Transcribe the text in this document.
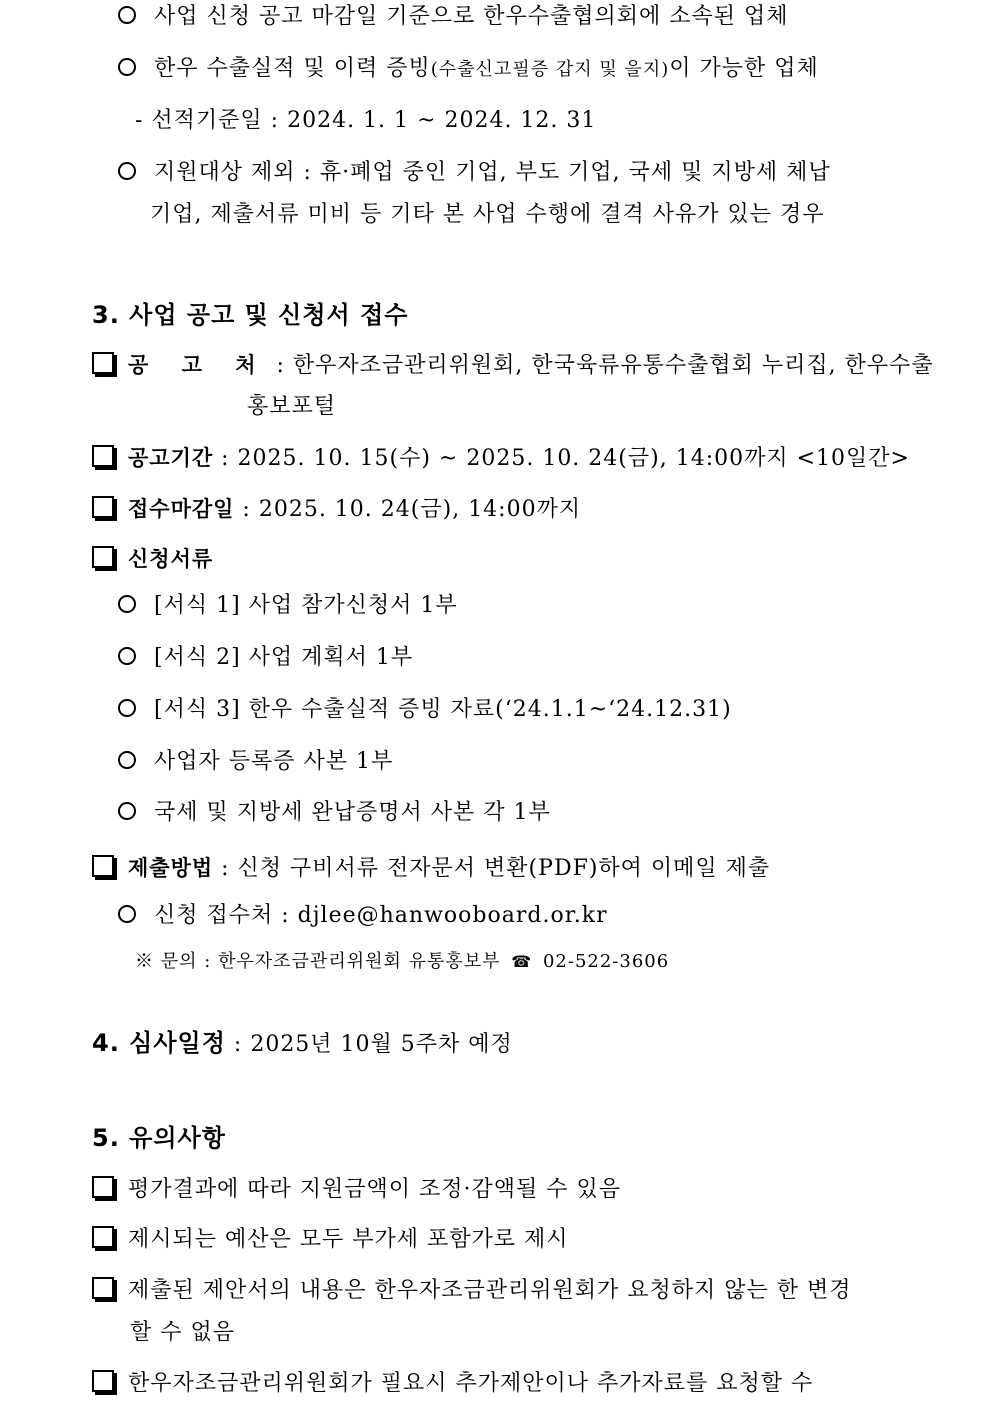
사업 신청 공고 마감일 기준으로 한우수출협의회에 소속된 업체
한우 수출실적 및 이력 증빙(수출신고필증 갑지 및 을지)이 가능한 업체
- 선적기준일 : 2024. 1. 1 ~ 2024. 12. 31
지원대상 제외 : 휴·폐업 중인 기업, 부도 기업, 국세 및 지방세 체납
기업, 제출서류 미비 등 기타 본 사업 수행에 결격 사유가 있는 경우
3. 사업 공고 및 신청서 접수
공 고 처 : 한우자조금관리위원회, 한국육류유통수출협회 누리집, 한우수출
홍보포털
공고기간 : 2025. 10. 15(수) ~ 2025. 10. 24(금), 14:00까지 <10일간>
접수마감일 : 2025. 10. 24(금), 14:00까지
신청서류
[서식 1] 사업 참가신청서 1부
[서식 2] 사업 계획서 1부
[서식 3] 한우 수출실적 증빙 자료(‘24.1.1~‘24.12.31)
사업자 등록증 사본 1부
국세 및 지방세 완납증명서 사본 각 1부
제출방법 : 신청 구비서류 전자문서 변환(PDF)하여 이메일 제출
신청 접수처 : djlee@hanwooboard.or.kr
※ 문의 : 한우자조금관리위원회 유통홍보부 ☎ 02-522-3606
4. 심사일정 : 2025년 10월 5주차 예정
5. 유의사항
평가결과에 따라 지원금액이 조정·감액될 수 있음
제시되는 예산은 모두 부가세 포함가로 제시
제출된 제안서의 내용은 한우자조금관리위원회가 요청하지 않는 한 변경
할 수 없음
한우자조금관리위원회가 필요시 추가제안이나 추가자료를 요청할 수
